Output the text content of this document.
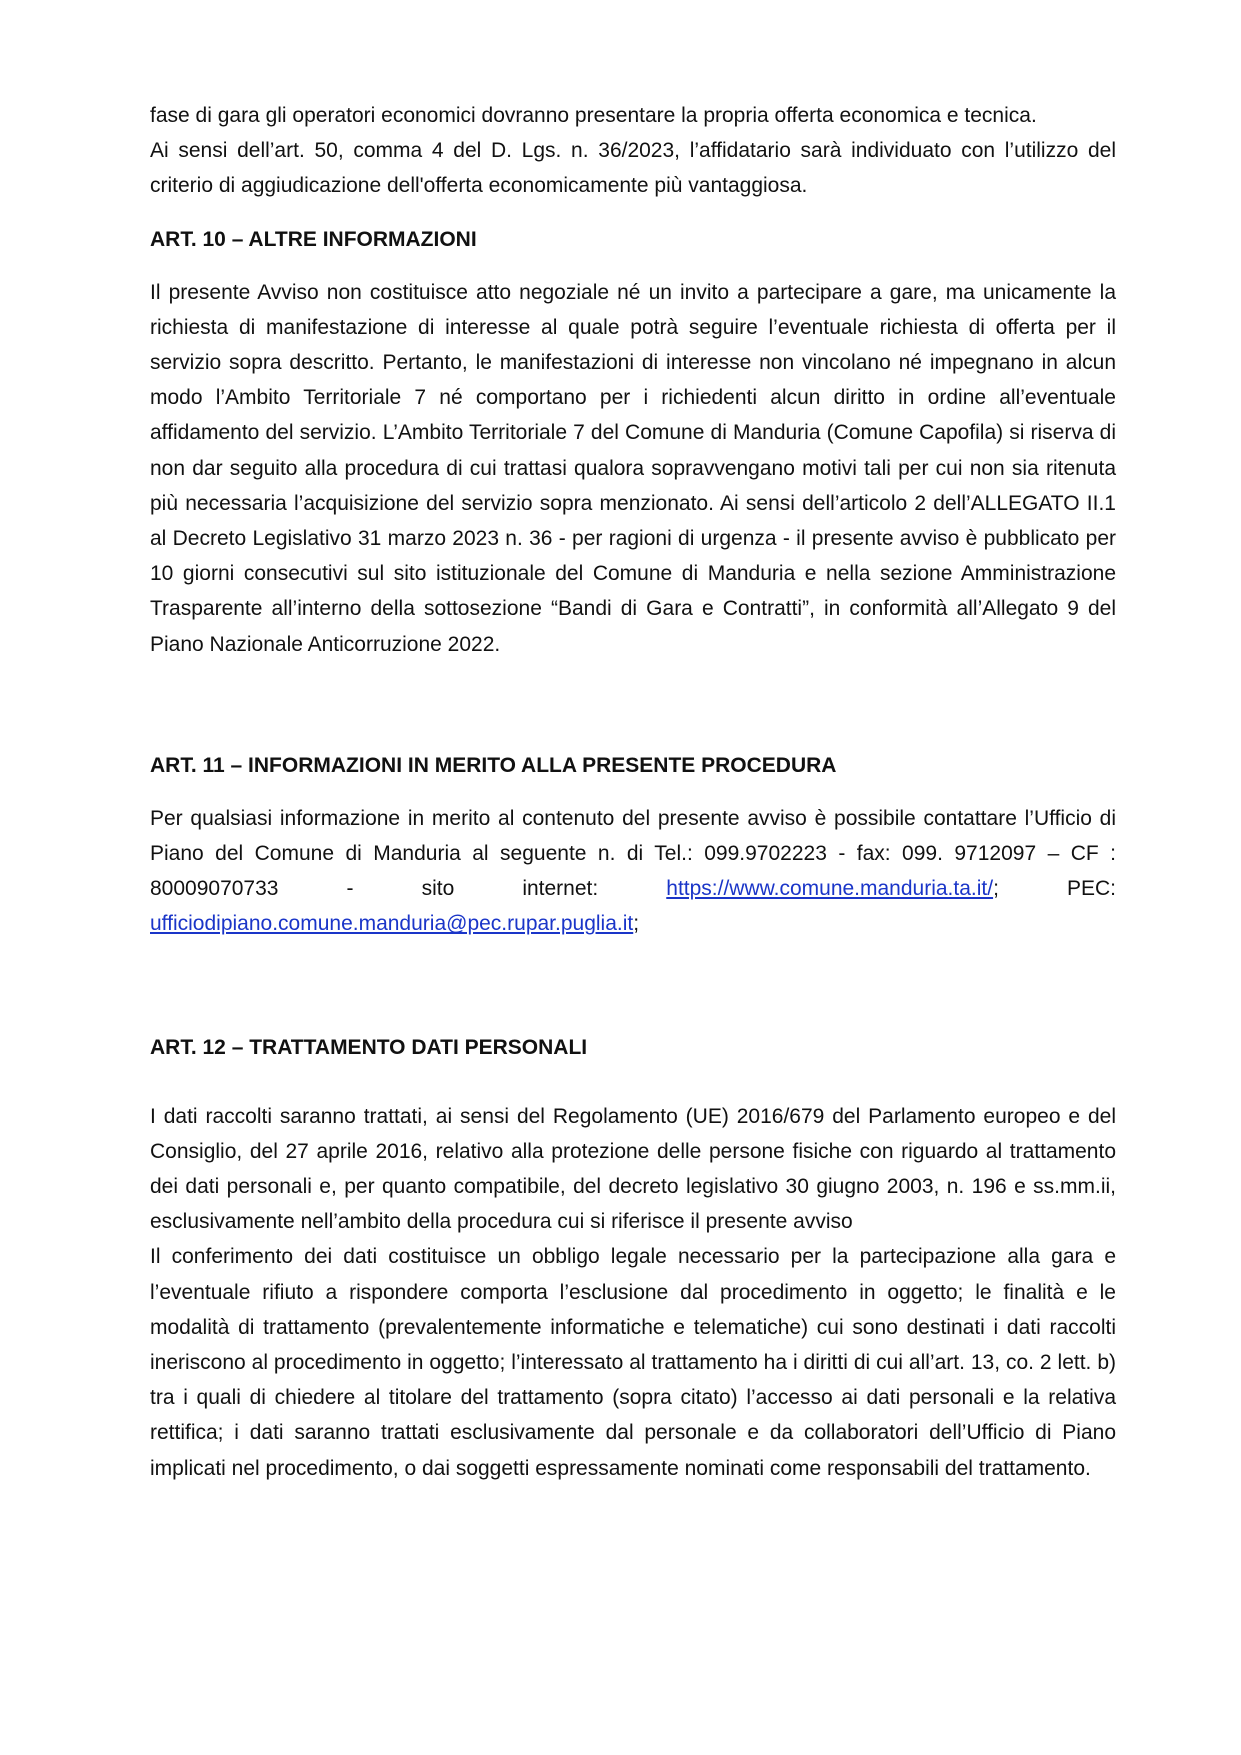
fase di gara gli operatori economici dovranno presentare la propria offerta economica e tecnica.

Ai sensi dell’art. 50, comma 4 del D. Lgs. n. 36/2023, l’affidatario sarà individuato con l’utilizzo del criterio di aggiudicazione dell'offerta economicamente più vantaggiosa.

ART. 10 – ALTRE INFORMAZIONI

Il presente Avviso non costituisce atto negoziale né un invito a partecipare a gare, ma unicamente la richiesta di manifestazione di interesse al quale potrà seguire l’eventuale richiesta di offerta per il servizio sopra descritto. Pertanto, le manifestazioni di interesse non vincolano né impegnano in alcun modo l’Ambito Territoriale 7 né comportano per i richiedenti alcun diritto in ordine all’eventuale affidamento del servizio. L’Ambito Territoriale 7 del Comune di Manduria (Comune Capofila) si riserva di non dar seguito alla procedura di cui trattasi qualora sopravvengano motivi tali per cui non sia ritenuta più necessaria l’acquisizione del servizio sopra menzionato. Ai sensi dell’articolo 2 dell’ALLEGATO II.1 al Decreto Legislativo 31 marzo 2023 n. 36 - per ragioni di urgenza - il presente avviso è pubblicato per 10 giorni consecutivi sul sito istituzionale del Comune di Manduria e nella sezione Amministrazione Trasparente all’interno della sottosezione “Bandi di Gara e Contratti”, in conformità all’Allegato 9 del Piano Nazionale Anticorruzione 2022.

ART. 11 – INFORMAZIONI IN MERITO ALLA PRESENTE PROCEDURA

Per qualsiasi informazione in merito al contenuto del presente avviso è possibile contattare l’Ufficio di Piano del Comune di Manduria al seguente n. di Tel.: 099.9702223 - fax: 099. 9712097 – CF : 80009070733 - sito internet: https://www.comune.manduria.ta.it/; PEC: ufficiodipiano.comune.manduria@pec.rupar.puglia.it;

ART. 12 – TRATTAMENTO DATI PERSONALI

I dati raccolti saranno trattati, ai sensi del Regolamento (UE) 2016/679 del Parlamento europeo e del Consiglio, del 27 aprile 2016, relativo alla protezione delle persone fisiche con riguardo al trattamento dei dati personali e, per quanto compatibile, del decreto legislativo 30 giugno 2003, n. 196 e ss.mm.ii, esclusivamente nell’ambito della procedura cui si riferisce il presente avviso

Il conferimento dei dati costituisce un obbligo legale necessario per la partecipazione alla gara e l’eventuale rifiuto a rispondere comporta l’esclusione dal procedimento in oggetto; le finalità e le modalità di trattamento (prevalentemente informatiche e telematiche) cui sono destinati i dati raccolti ineriscono al procedimento in oggetto; l’interessato al trattamento ha i diritti di cui all’art. 13, co. 2 lett. b) tra i quali di chiedere al titolare del trattamento (sopra citato) l’accesso ai dati personali e la relativa rettifica; i dati saranno trattati esclusivamente dal personale e da collaboratori dell’Ufficio di Piano implicati nel procedimento, o dai soggetti espressamente nominati come responsabili del trattamento.
